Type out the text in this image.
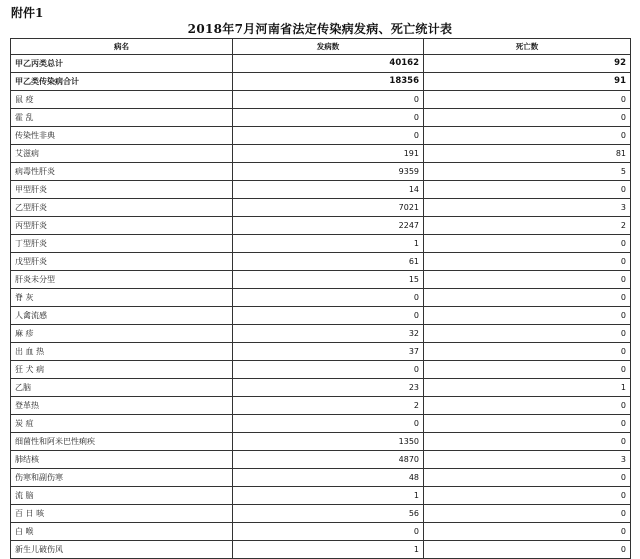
附件1
2018年7月河南省法定传染病发病、死亡统计表
病名	发病数	死亡数
甲乙丙类总计	40162	92
甲乙类传染病合计	18356	91
鼠 疫	0	0
霍 乱	0	0
传染性非典	0	0
艾滋病	191	81
病毒性肝炎	9359	5
甲型肝炎	14	0
乙型肝炎	7021	3
丙型肝炎	2247	2
丁型肝炎	1	0
戊型肝炎	61	0
肝炎未分型	15	0
脊 灰	0	0
人禽流感	0	0
麻 疹	32	0
出 血 热	37	0
狂 犬 病	0	0
乙脑	23	1
登革热	2	0
炭 疽	0	0
细菌性和阿米巴性痢疾	1350	0
肺结核	4870	3
伤寒和副伤寒	48	0
流 脑	1	0
百 日 咳	56	0
白 喉	0	0
新生儿破伤风	1	0
